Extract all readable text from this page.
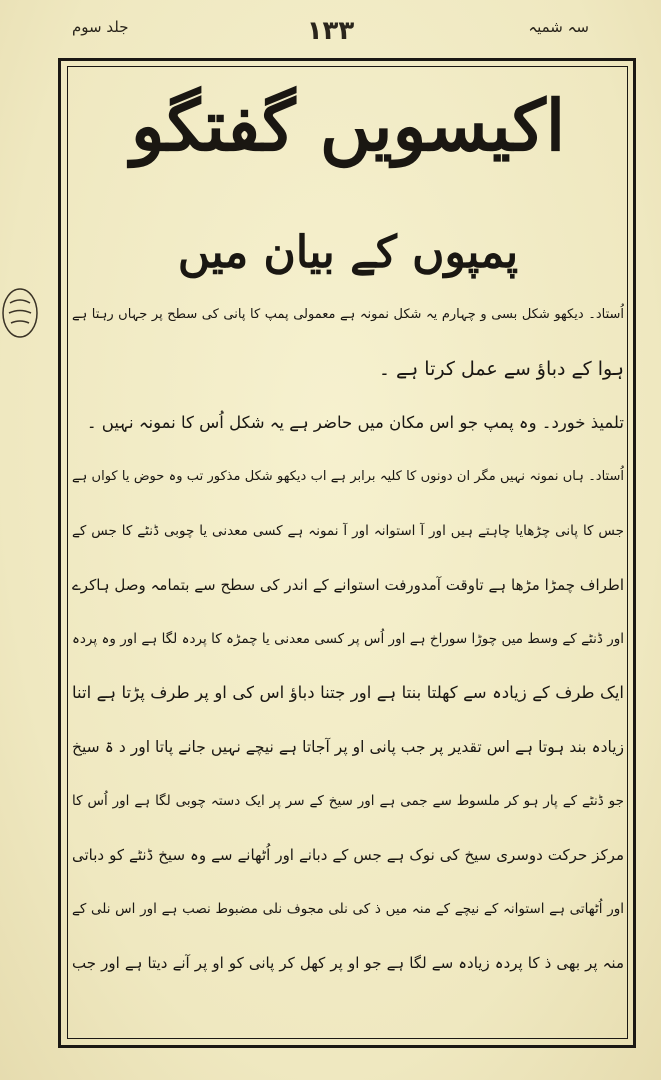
جلد سوم	۱۳۳	سہ شمیہ
اکیسویں گفتگو
پمپوں کے بیان میں
اُستاد۔ دیکھو شکل بسی و چہارم یہ شکل نمونہ ہے معمولی پمپ کا پانی کی سطح پر جہاں رہتا ہے
ہوا کے دباؤ سے عمل کرتا ہے ۔
تلمیذ خورد۔ وہ پمپ جو اس مکان میں حاضر ہے یہ شکل اُس کا نمونہ نہیں ۔
اُستاد۔ ہاں نمونہ نہیں مگر ان دونوں کا کلیہ برابر ہے اب دیکھو شکل مذکور تب وہ حوض یا کواں ہے
جس کا پانی چڑھایا چاہتے ہیں اور آ استوانہ اور آ نمونہ ہے کسی معدنی یا چوبی ڈنٹے کا جس کے
اطراف چمڑا مڑھا ہے تاوقت آمدورفت استوانے کے اندر کی سطح سے بتمامہ وصل ہاکرے
اور ڈنٹے کے وسط میں چوڑا سوراخ ہے اور اُس پر کسی معدنی یا چمڑہ کا پردہ لگا ہے اور وہ پردہ
ایک طرف کے زیادہ سے کھلتا بنتا ہے اور جتنا دباؤ اس کی او پر طرف پڑتا ہے اتنا
زیادہ بند ہوتا ہے اس تقدیر پر جب پانی او پر آجاتا ہے نیچے نہیں جانے پاتا اور د ۃ سیخ
جو ڈنٹے کے پار ہو کر ملسوط سے جمی ہے اور سیخ کے سر پر ایک دستہ چوبی لگا ہے اور اُس کا
مرکز حرکت دوسری سیخ کی نوک ہے جس کے دبانے اور اُٹھانے سے وہ سیخ ڈنٹے کو دباتی
اور اُٹھاتی ہے استوانہ کے نیچے کے منہ میں ذ کی نلی مجوف نلی مضبوط نصب ہے اور اس نلی کے
منہ پر بھی ذ کا پردہ زیادہ سے لگا ہے جو او پر کھل کر پانی کو او پر آنے دیتا ہے اور جب
